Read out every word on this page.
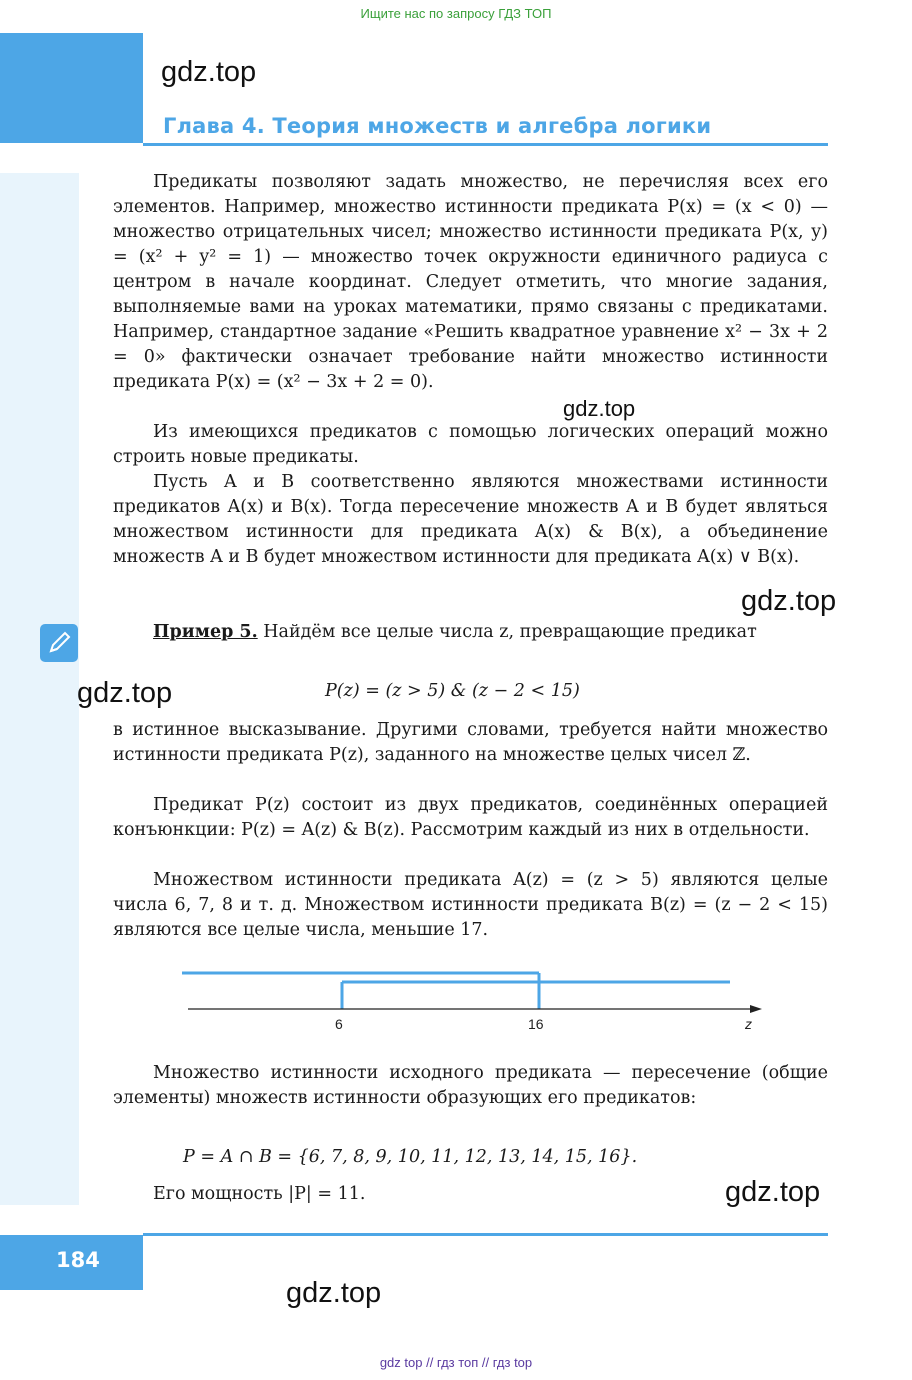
Ищите нас по запросу ГДЗ ТОП
gdz.top
Глава 4. Теория множеств и алгебра логики
Предикаты позволяют задать множество, не перечисляя всех его элементов. Например, множество истинности предиката P(x) = (x < 0) — множество отрицательных чисел; множество истинности предиката P(x, y) = (x² + y² = 1) — множество точек окружности единичного радиуса с центром в начале координат. Следует отметить, что многие задания, выполняемые вами на уроках математики, прямо связаны с предикатами. Например, стандартное задание «Решить квадратное уравнение x² − 3x + 2 = 0» фактически означает требование найти множество истинности предиката P(x) = (x² − 3x + 2 = 0).
gdz.top
Из имеющихся предикатов с помощью логических операций можно строить новые предикаты.
Пусть A и B соответственно являются множествами истинности предикатов A(x) и B(x). Тогда пересечение множеств A и B будет являться множеством истинности для предиката A(x) & B(x), а объединение множеств A и B будет множеством истинности для предиката A(x) ∨ B(x).
gdz.top
Пример 5. Найдём все целые числа z, превращающие предикат
gdz.top	P(z) = (z > 5) & (z − 2 < 15)
в истинное высказывание. Другими словами, требуется найти множество истинности предиката P(z), заданного на множестве целых чисел ℤ.
Предикат P(z) состоит из двух предикатов, соединённых операцией конъюнкции: P(z) = A(z) & B(z). Рассмотрим каждый из них в отдельности.
Множеством истинности предиката A(z) = (z > 5) являются целые числа 6, 7, 8 и т. д. Множеством истинности предиката B(z) = (z − 2 < 15) являются все целые числа, меньшие 17.
6	16	z
Множество истинности исходного предиката — пересечение (общие элементы) множеств истинности образующих его предикатов:
P = A ∩ B = {6, 7, 8, 9, 10, 11, 12, 13, 14, 15, 16}.
Его мощность |P| = 11.	gdz.top
184
gdz.top
gdz top // гдз топ // гдз top
